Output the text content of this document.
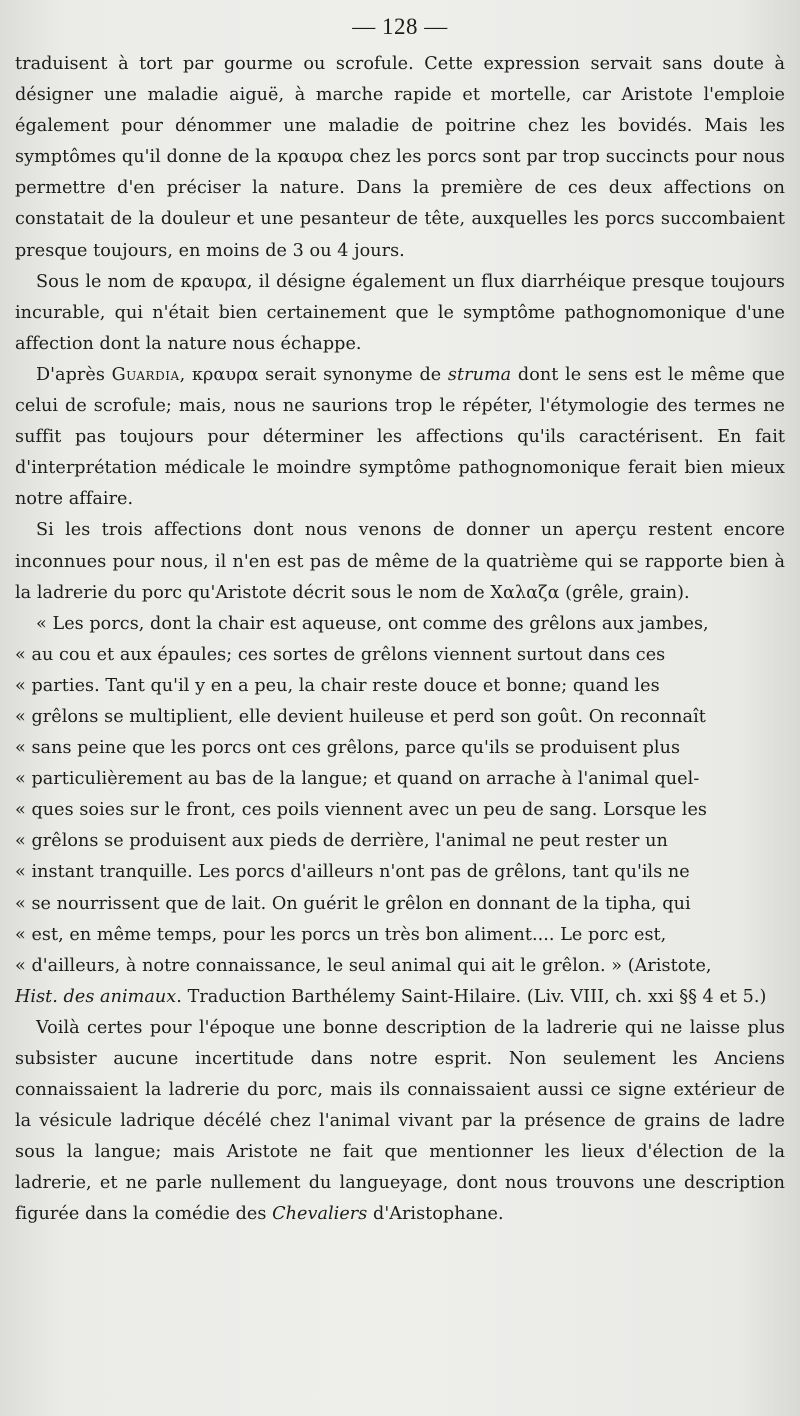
— 128 —

traduisent à tort par gourme ou scrofule. Cette expression servait sans doute à désigner une maladie aiguë, à marche rapide et mortelle, car Aristote l'emploie également pour dénommer une maladie de poitrine chez les bovidés. Mais les symptômes qu'il donne de la κραυρα chez les porcs sont par trop succincts pour nous permettre d'en préciser la nature. Dans la première de ces deux affections on constatait de la douleur et une pesanteur de tête, auxquelles les porcs succombaient presque toujours, en moins de 3 ou 4 jours.

Sous le nom de κραυρα, il désigne également un flux diarrhéique presque toujours incurable, qui n'était bien certainement que le symptôme pathognomonique d'une affection dont la nature nous échappe.

D'après Guardia, κραυρα serait synonyme de struma dont le sens est le même que celui de scrofule; mais, nous ne saurions trop le répéter, l'étymologie des termes ne suffit pas toujours pour déterminer les affections qu'ils caractérisent. En fait d'interprétation médicale le moindre symptôme pathognomonique ferait bien mieux notre affaire.

Si les trois affections dont nous venons de donner un aperçu restent encore inconnues pour nous, il n'en est pas de même de la quatrième qui se rapporte bien à la ladrerie du porc qu'Aristote décrit sous le nom de Χαλαζα (grêle, grain).

« Les porcs, dont la chair est aqueuse, ont comme des grêlons aux jambes,
« au cou et aux épaules; ces sortes de grêlons viennent surtout dans ces
« parties. Tant qu'il y en a peu, la chair reste douce et bonne; quand les
« grêlons se multiplient, elle devient huileuse et perd son goût. On reconnaît
« sans peine que les porcs ont ces grêlons, parce qu'ils se produisent plus
« particulièrement au bas de la langue; et quand on arrache à l'animal quel-
« ques soies sur le front, ces poils viennent avec un peu de sang. Lorsque les
« grêlons se produisent aux pieds de derrière, l'animal ne peut rester un
« instant tranquille. Les porcs d'ailleurs n'ont pas de grêlons, tant qu'ils ne
« se nourrissent que de lait. On guérit le grêlon en donnant de la tipha, qui
« est, en même temps, pour les porcs un très bon aliment.... Le porc est,
« d'ailleurs, à notre connaissance, le seul animal qui ait le grêlon. » (Aristote,
Hist. des animaux. Traduction Barthélemy Saint-Hilaire. (Liv. VIII, ch. xxi §§ 4 et 5.)

Voilà certes pour l'époque une bonne description de la ladrerie qui ne laisse plus subsister aucune incertitude dans notre esprit. Non seulement les Anciens connaissaient la ladrerie du porc, mais ils connaissaient aussi ce signe extérieur de la vésicule ladrique décélé chez l'animal vivant par la présence de grains de ladre sous la langue; mais Aristote ne fait que mentionner les lieux d'élection de la ladrerie, et ne parle nullement du langueyage, dont nous trouvons une description figurée dans la comédie des Chevaliers d'Aristophane.
